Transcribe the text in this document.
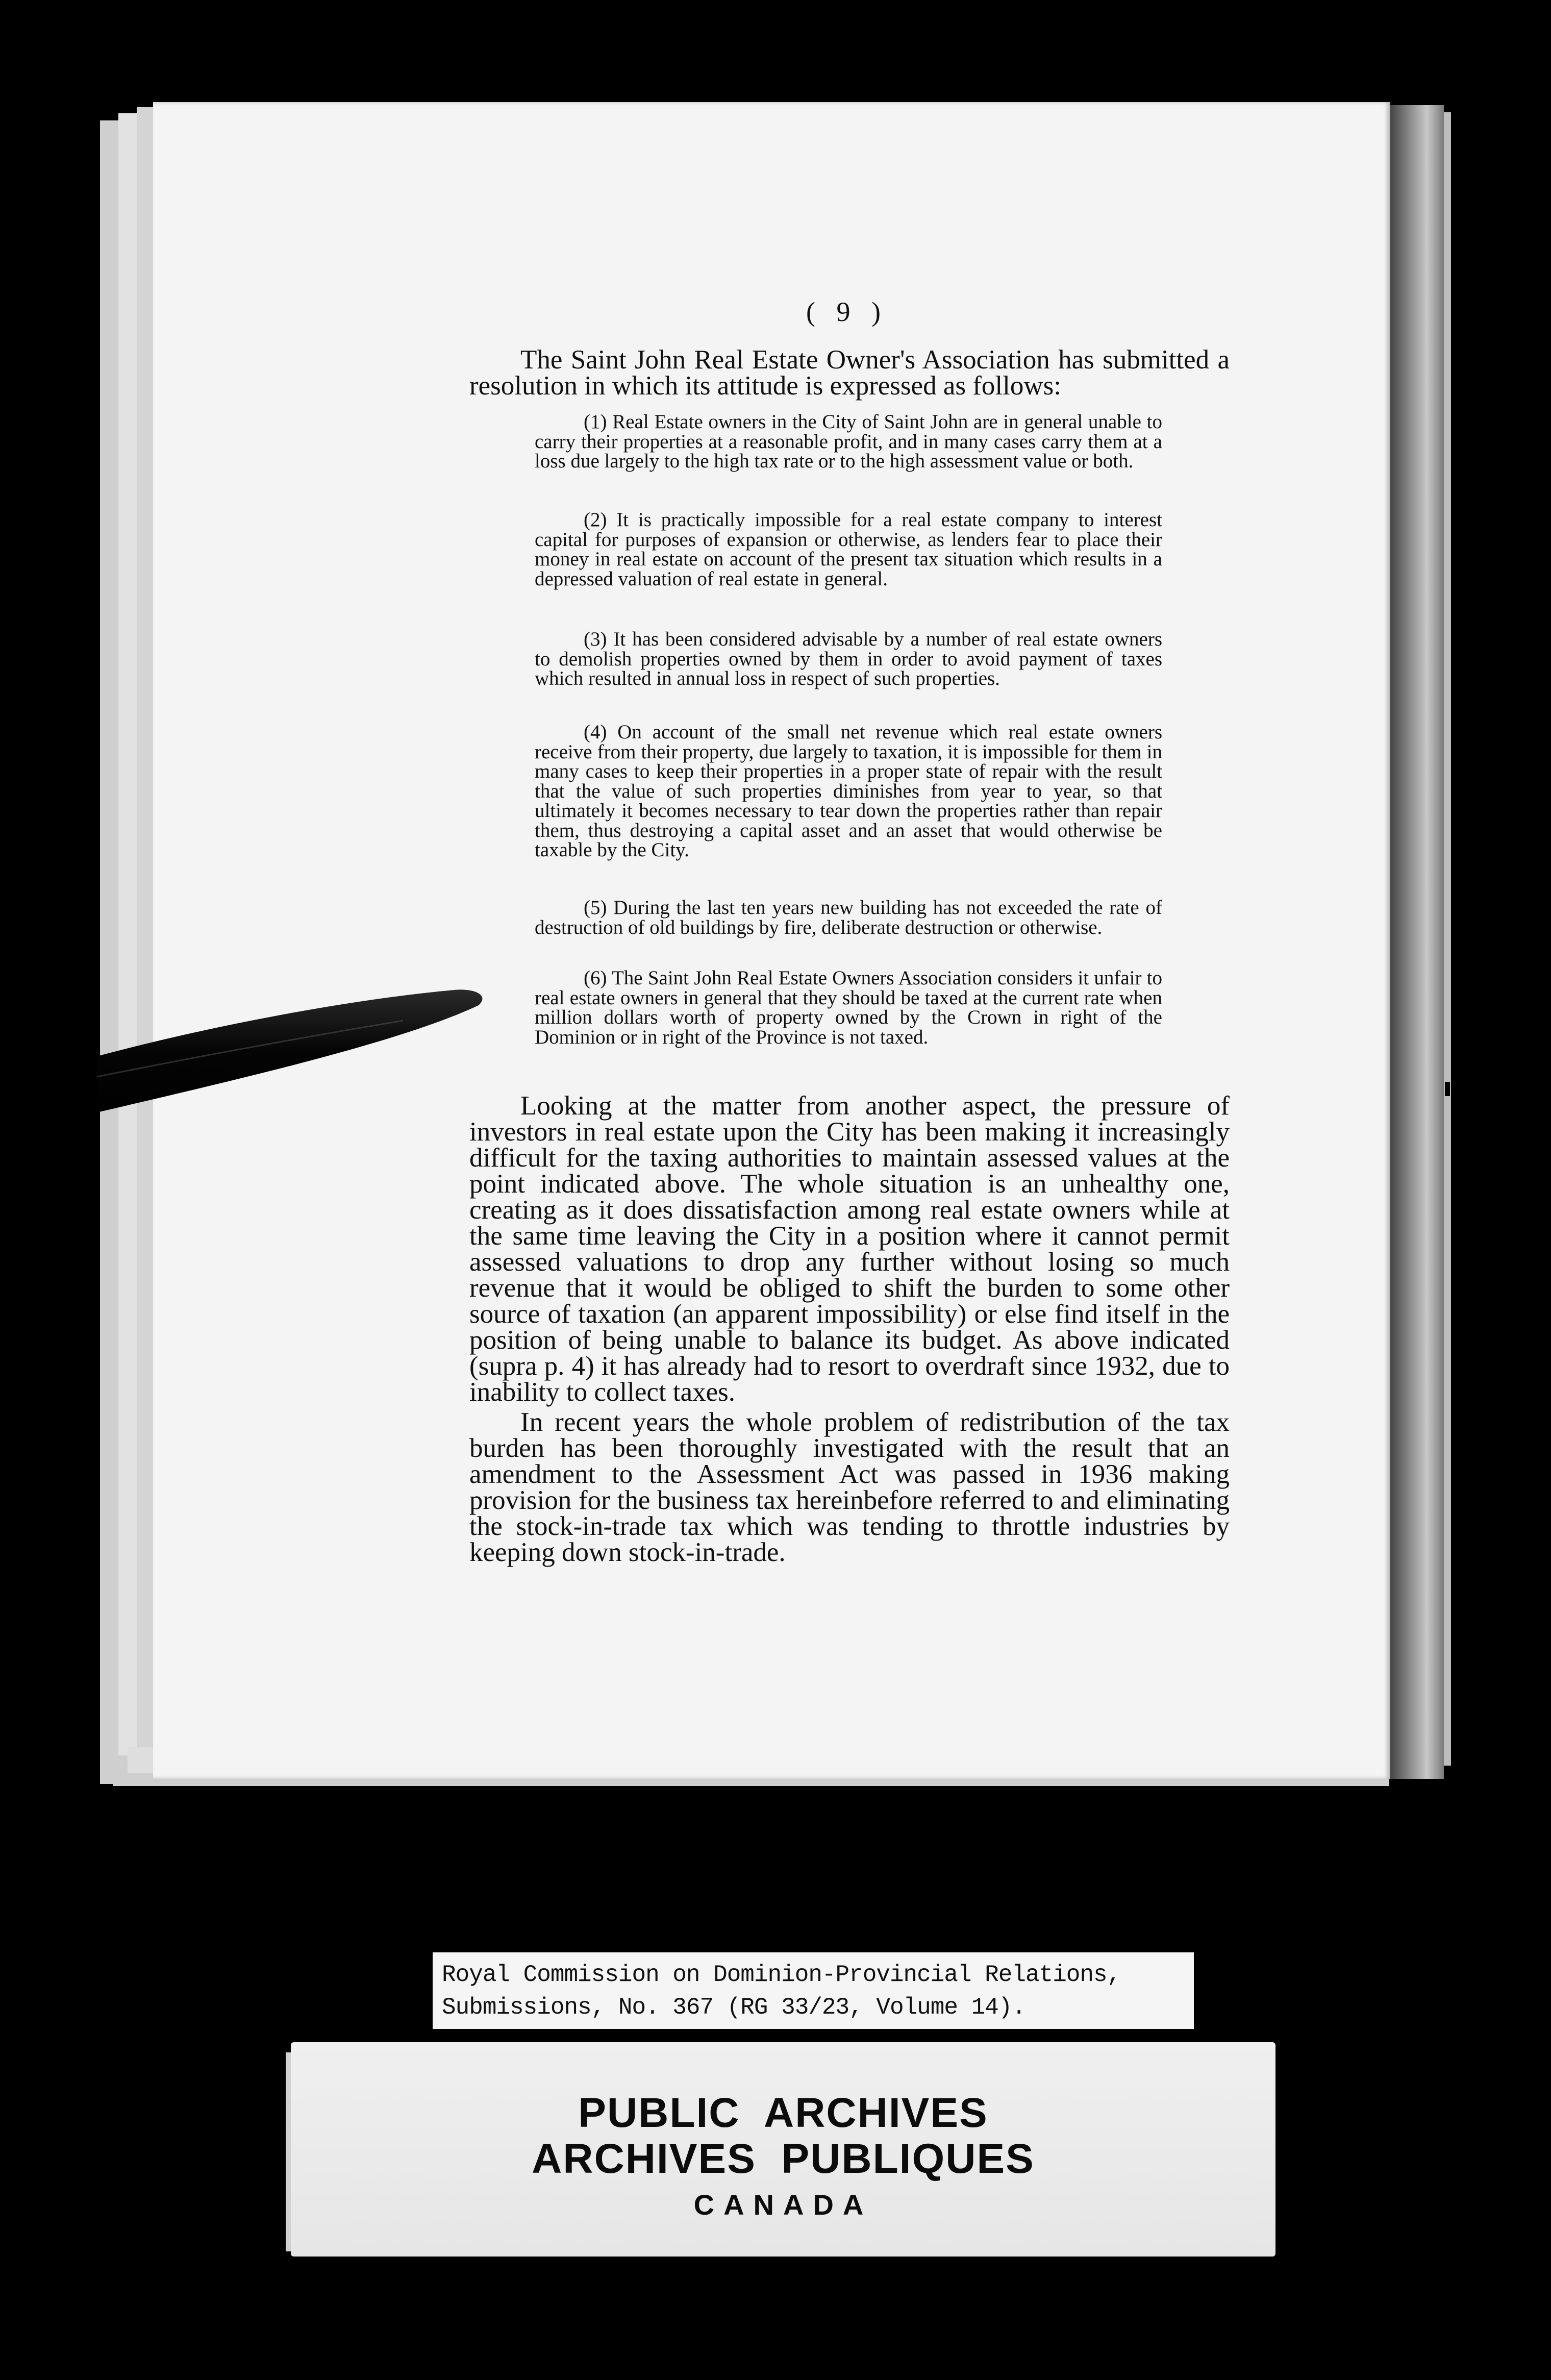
( 9 )

The Saint John Real Estate Owner's Association has submitted a resolution in which its attitude is expressed as follows:

(1) Real Estate owners in the City of Saint John are in general unable to carry their properties at a reasonable profit, and in many cases carry them at a loss due largely to the high tax rate or to the high assessment value or both.

(2) It is practically impossible for a real estate company to interest capital for purposes of expansion or otherwise, as lenders fear to place their money in real estate on account of the present tax situation which results in a depressed valuation of real estate in general.

(3) It has been considered advisable by a number of real estate owners to demolish properties owned by them in order to avoid payment of taxes which resulted in annual loss in respect of such properties.

(4) On account of the small net revenue which real estate owners receive from their property, due largely to taxation, it is impossible for them in many cases to keep their properties in a proper state of repair with the result that the value of such properties diminishes from year to year, so that ultimately it becomes necessary to tear down the properties rather than repair them, thus destroying a capital asset and an asset that would otherwise be taxable by the City.

(5) During the last ten years new building has not exceeded the rate of destruction of old buildings by fire, deliberate destruction or otherwise.

(6) The Saint John Real Estate Owners Association considers it unfair to real estate owners in general that they should be taxed at the current rate when million dollars worth of property owned by the Crown in right of the Dominion or in right of the Province is not taxed.

Looking at the matter from another aspect, the pressure of investors in real estate upon the City has been making it increasingly difficult for the taxing authorities to maintain assessed values at the point indicated above. The whole situation is an unhealthy one, creating as it does dissatisfaction among real estate owners while at the same time leaving the City in a position where it cannot permit assessed valuations to drop any further without losing so much revenue that it would be obliged to shift the burden to some other source of taxation (an apparent impossibility) or else find itself in the position of being unable to balance its budget. As above indicated (supra p. 4) it has already had to resort to overdraft since 1932, due to inability to collect taxes.

In recent years the whole problem of redistribution of the tax burden has been thoroughly investigated with the result that an amendment to the Assessment Act was passed in 1936 making provision for the business tax hereinbefore referred to and eliminating the stock-in-trade tax which was tending to throttle industries by keeping down stock-in-trade.

Royal Commission on Dominion-Provincial Relations,
Submissions, No. 367 (RG 33/23, Volume 14).
PUBLIC  ARCHIVES
ARCHIVES  PUBLIQUES
CANADA
